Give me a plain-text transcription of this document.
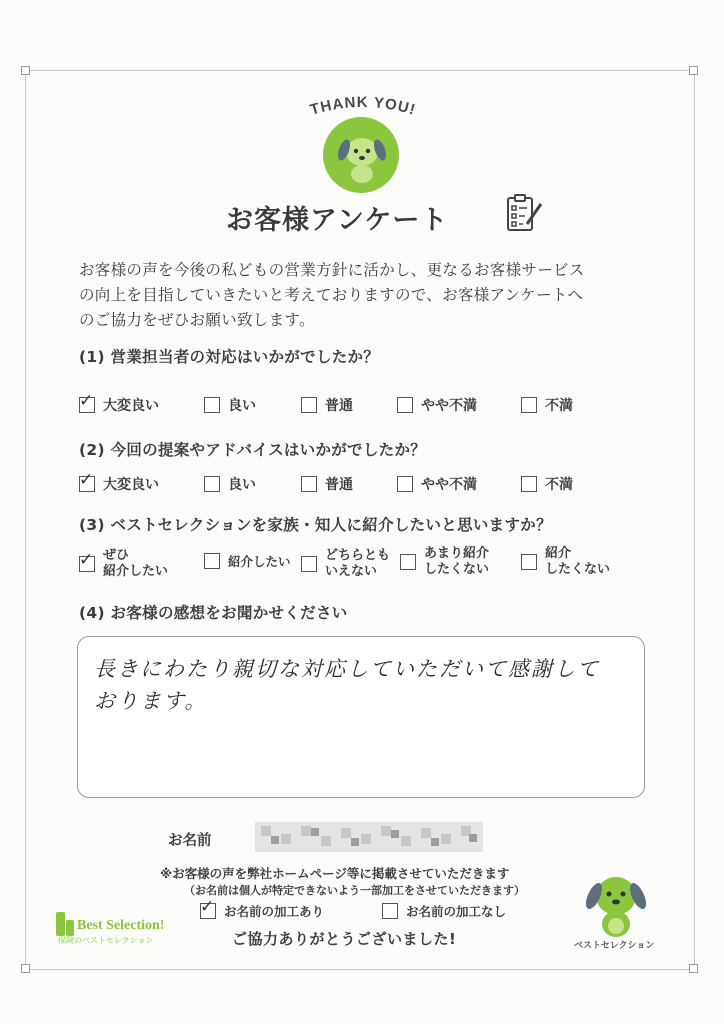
THANK YOU!
お客様アンケート
お客様の声を今後の私どもの営業方針に活かし、更なるお客様サービス
の向上を目指していきたいと考えておりますので、お客様アンケートへ
のご協力をぜひお願い致します。
(1) 営業担当者の対応はいかがでしたか？
✓ 大変良い	良い	普通	やや不満	不満
(2) 今回の提案やアドバイスはいかがでしたか？
✓ 大変良い	良い	普通	やや不満	不満
(3) ベストセレクションを家族・知人に紹介したいと思いますか？
✓ ぜひ
紹介したい
紹介したい	どちらとも
いえない
あまり紹介
したくない
紹介
したくない
(4) お客様の感想をお聞かせください
長きにわたり親切な対応していただいて感謝して
おります。
お名前
※お客様の声を弊社ホームページ等に掲載させていただきます
（お名前は個人が特定できないよう一部加工をさせていただきます）
✓ お名前の加工あり	お名前の加工なし
Best Selection!
保険のベストセレクション	ご協力ありがとうございました!	ベストセレクション
